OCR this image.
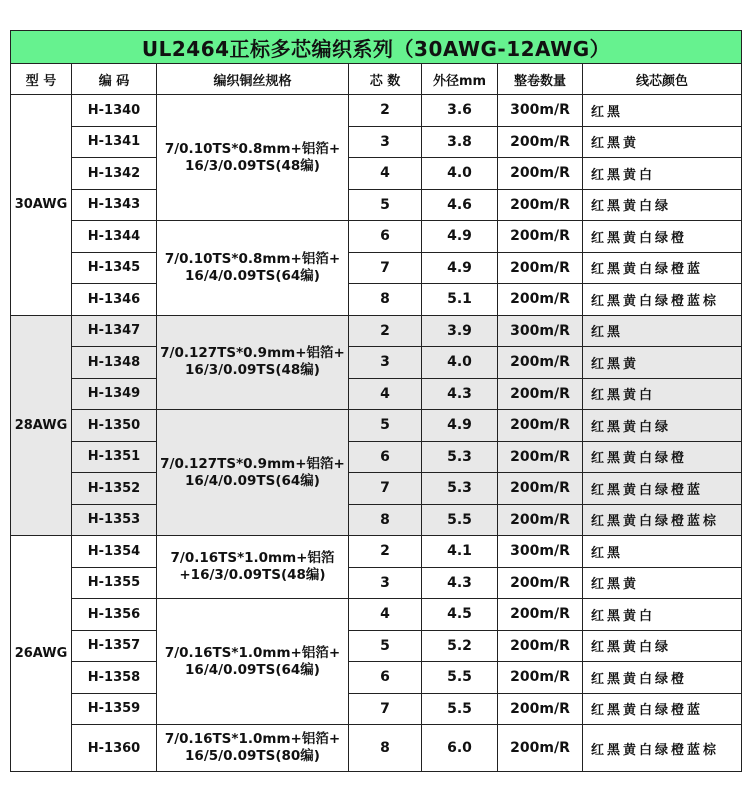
UL2464正标多芯编织系列（30AWG-12AWG）						
型 号	编 码	编织铜丝规格	芯 数	外径mm	整卷数量	线芯颜色
30AWG	H-1340	7/0.10TS*0.8mm+铝箔+
16/3/0.09TS(48编)	2	3.6	300m/R	红黑
	H-1341		3	3.8	200m/R	红黑黄
	H-1342		4	4.0	200m/R	红黑黄白
	H-1343		5	4.6	200m/R	红黑黄白绿
	H-1344	7/0.10TS*0.8mm+铝箔+
16/4/0.09TS(64编)	6	4.9	200m/R	红黑黄白绿橙
	H-1345		7	4.9	200m/R	红黑黄白绿橙蓝
	H-1346		8	5.1	200m/R	红黑黄白绿橙蓝棕
28AWG	H-1347	7/0.127TS*0.9mm+铝箔+
16/3/0.09TS(48编)	2	3.9	300m/R	红黑
	H-1348		3	4.0	200m/R	红黑黄
	H-1349		4	4.3	200m/R	红黑黄白
	H-1350	7/0.127TS*0.9mm+铝箔+
16/4/0.09TS(64编)	5	4.9	200m/R	红黑黄白绿
	H-1351		6	5.3	200m/R	红黑黄白绿橙
	H-1352		7	5.3	200m/R	红黑黄白绿橙蓝
	H-1353		8	5.5	200m/R	红黑黄白绿橙蓝棕
26AWG	H-1354	7/0.16TS*1.0mm+铝箔
+16/3/0.09TS(48编)	2	4.1	300m/R	红黑
	H-1355		3	4.3	200m/R	红黑黄
	H-1356	7/0.16TS*1.0mm+铝箔+
16/4/0.09TS(64编)	4	4.5	200m/R	红黑黄白
	H-1357		5	5.2	200m/R	红黑黄白绿
	H-1358		6	5.5	200m/R	红黑黄白绿橙
	H-1359		7	5.5	200m/R	红黑黄白绿橙蓝
	H-1360	7/0.16TS*1.0mm+铝箔+
16/5/0.09TS(80编)	8	6.0	200m/R	红黑黄白绿橙蓝棕
